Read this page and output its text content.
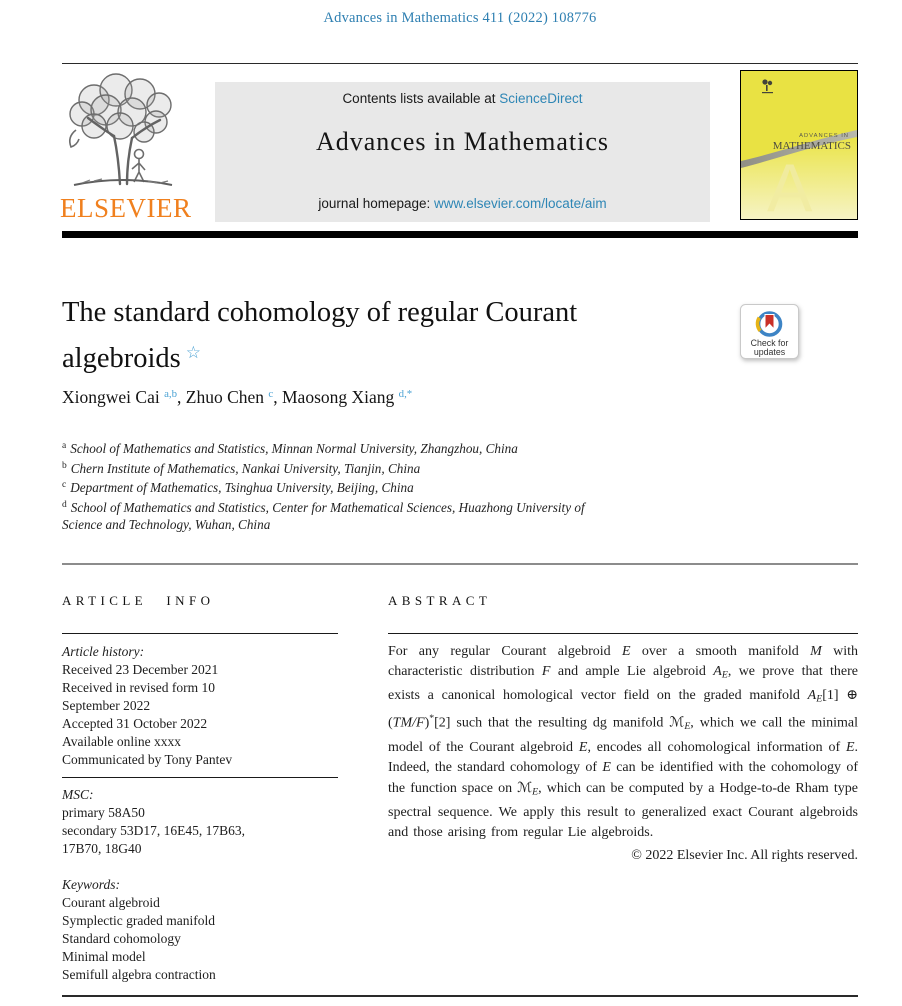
Advances in Mathematics 411 (2022) 108776
ELSEVIER
Contents lists available at ScienceDirect
Advances in Mathematics
journal homepage: www.elsevier.com/locate/aim	A
ADVANCES IN
MATHEMATICS
The standard cohomology of regular Courant
algebroids ☆	Check for
updates
Xiongwei Cai $^{a,b}$, Zhuo Chen $^c$, Maosong Xiang $^{d,*}$
$^a$ School of Mathematics and Statistics, Minnan Normal University, Zhangzhou, China
$^b$ Chern Institute of Mathematics, Nankai University, Tianjin, China
$^c$ Department of Mathematics, Tsinghua University, Beijing, China
$^d$ School of Mathematics and Statistics, Center for Mathematical Sciences, Huazhong University of Science and Technology, Wuhan, China
ARTICLE INFO	ABSTRACT
Article history:
Received 23 December 2021
Received in revised form 10
September 2022
Accepted 31 October 2022
Available online xxxx
Communicated by Tony Pantev
MSC:
primary 58A50
secondary 53D17, 16E45, 17B63,
17B70, 18G40
Keywords:
Courant algebroid
Symplectic graded manifold
Standard cohomology
Minimal model
Semifull algebra contraction

For any regular Courant algebroid E over a smooth manifold M with characteristic distribution F and ample Lie algebroid AE, we prove that there exists a canonical homological vector field on the graded manifold AE[1] ⊕ (TM/F)*[2] such that the resulting dg manifold ℳE, which we call the minimal model of the Courant algebroid E, encodes all cohomological information of E. Indeed, the standard cohomology of E can be identified with the cohomology of the function space on ℳE, which can be computed by a Hodge-to-de Rham type spectral sequence. We apply this result to generalized exact Courant algebroids and those arising from regular Lie algebroids.

© 2022 Elsevier Inc. All rights reserved.
